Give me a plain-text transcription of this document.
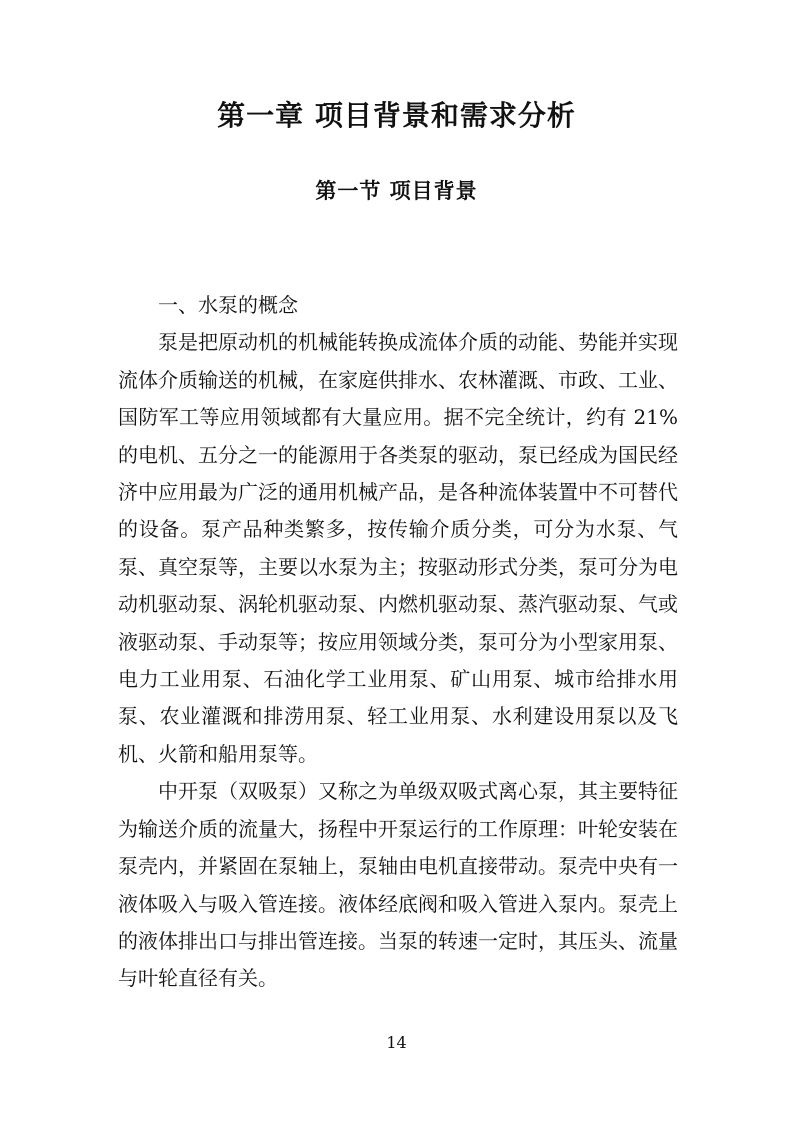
第一章 项目背景和需求分析
第一节 项目背景

一、水泵的概念

泵是把原动机的机械能转换成流体介质的动能、势能并实现流体介质输送的机械，在家庭供排水、农林灌溉、市政、工业、国防军工等应用领域都有大量应用。据不完全统计，约有 21%的电机、五分之一的能源用于各类泵的驱动，泵已经成为国民经济中应用最为广泛的通用机械产品，是各种流体装置中不可替代的设备。泵产品种类繁多，按传输介质分类，可分为水泵、气泵、真空泵等，主要以水泵为主；按驱动形式分类，泵可分为电动机驱动泵、涡轮机驱动泵、内燃机驱动泵、蒸汽驱动泵、气或液驱动泵、手动泵等；按应用领域分类，泵可分为小型家用泵、电力工业用泵、石油化学工业用泵、矿山用泵、城市给排水用泵、农业灌溉和排涝用泵、轻工业用泵、水利建设用泵以及飞机、火箭和船用泵等。

中开泵（双吸泵）又称之为单级双吸式离心泵，其主要特征为输送介质的流量大，扬程中开泵运行的工作原理：叶轮安装在泵壳内，并紧固在泵轴上，泵轴由电机直接带动。泵壳中央有一液体吸入与吸入管连接。液体经底阀和吸入管进入泵内。泵壳上的液体排出口与排出管连接。当泵的转速一定时，其压头、流量与叶轮直径有关。

14
